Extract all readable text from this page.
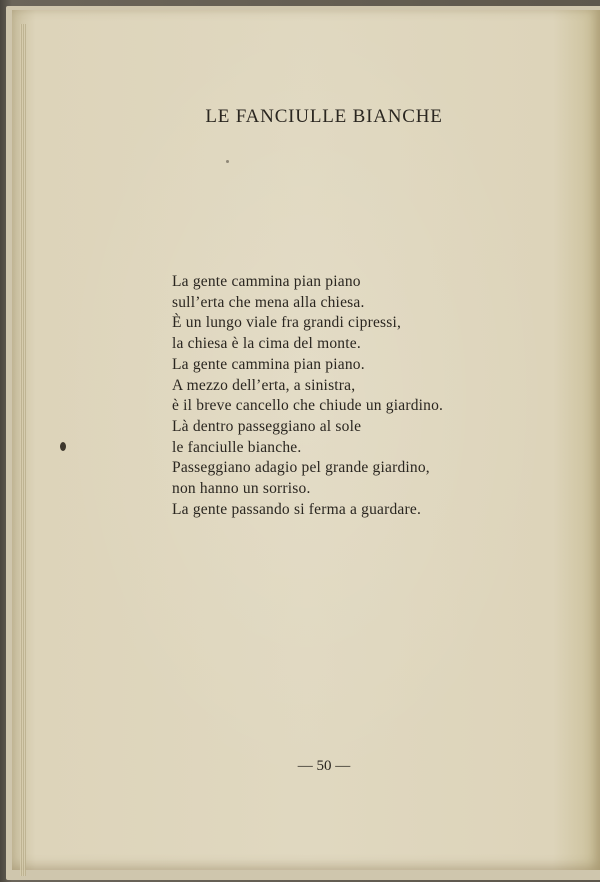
LE FANCIULLE BIANCHE
La gente cammina pian piano
sull’erta che mena alla chiesa.
È un lungo viale fra grandi cipressi,
la chiesa è la cima del monte.
La gente cammina pian piano.
A mezzo dell’erta, a sinistra,
è il breve cancello che chiude un giardino.
Là dentro passeggiano al sole
le fanciulle bianche.
Passeggiano adagio pel grande giardino,
non hanno un sorriso.
La gente passando si ferma a guardare.
— 50 —
